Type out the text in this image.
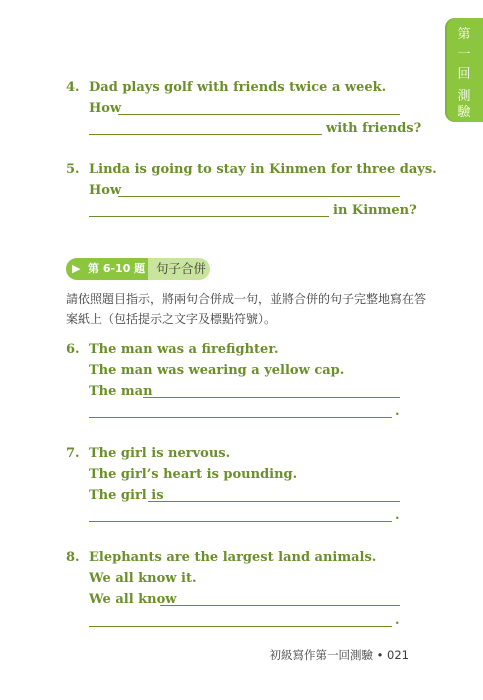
第
一
回
測
驗
4. Dad plays golf with friends twice a week.
How
with friends?
5. Linda is going to stay in Kinmen for three days.
How
in Kinmen?
▶ 第 6-10 題 句子合併
請依照題目指示，將兩句合併成一句，並將合併的句子完整地寫在答
案紙上（包括提示之文字及標點符號）。
6. The man was a firefighter.
The man was wearing a yellow cap.
The man
.
7. The girl is nervous.
The girl’s heart is pounding.
The girl is
.
8. Elephants are the largest land animals.
We all know it.
We all know
.
初級寫作第一回測驗 • 021
